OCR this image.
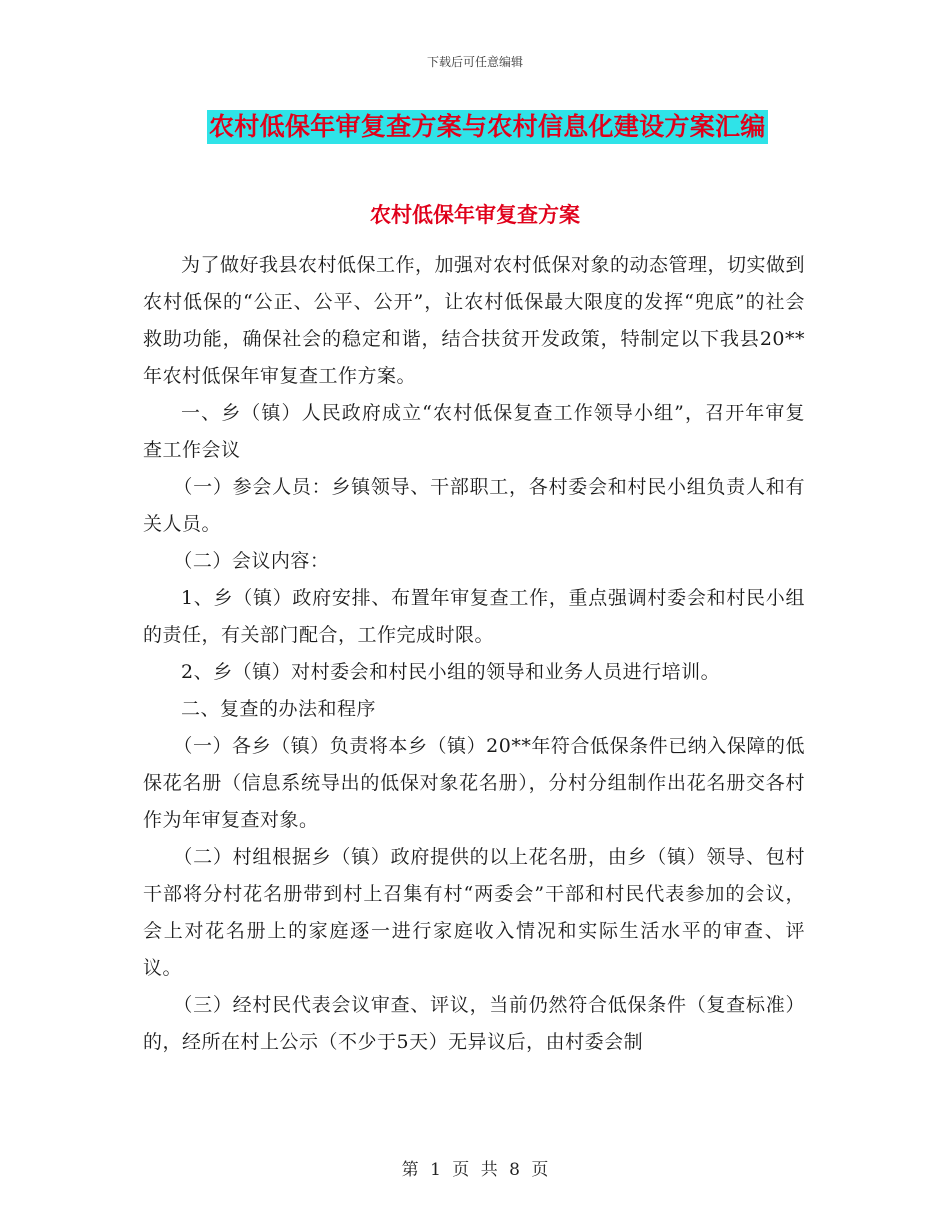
下载后可任意编辑
农村低保年审复查方案与农村信息化建设方案汇编
农村低保年审复查方案

为了做好我县农村低保工作，加强对农村低保对象的动态管理，切实做到农村低保的“公正、公平、公开”，让农村低保最大限度的发挥“兜底”的社会救助功能，确保社会的稳定和谐，结合扶贫开发政策，特制定以下我县20**年农村低保年审复查工作方案。

一、乡（镇）人民政府成立“农村低保复查工作领导小组”，召开年审复查工作会议

（一）参会人员：乡镇领导、干部职工，各村委会和村民小组负责人和有关人员。

（二）会议内容：

1、乡（镇）政府安排、布置年审复查工作，重点强调村委会和村民小组的责任，有关部门配合，工作完成时限。

2、乡（镇）对村委会和村民小组的领导和业务人员进行培训。

二、复查的办法和程序

（一）各乡（镇）负责将本乡（镇）20**年符合低保条件已纳入保障的低保花名册（信息系统导出的低保对象花名册），分村分组制作出花名册交各村作为年审复查对象。

（二）村组根据乡（镇）政府提供的以上花名册，由乡（镇）领导、包村干部将分村花名册带到村上召集有村“两委会”干部和村民代表参加的会议，会上对花名册上的家庭逐一进行家庭收入情况和实际生活水平的审查、评议。

（三）经村民代表会议审查、评议，当前仍然符合低保条件（复查标准）的，经所在村上公示（不少于5天）无异议后，由村委会制

第 1 页 共 8 页
